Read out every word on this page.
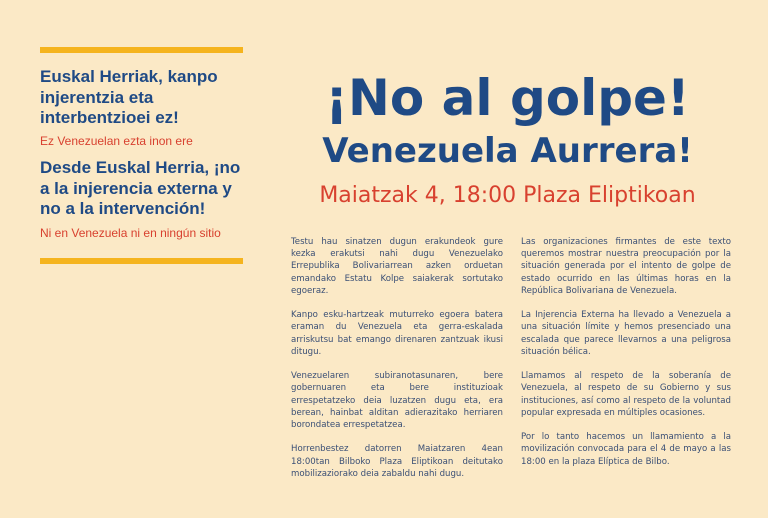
Euskal Herriak, kanpo injerentzia eta interbentzioei ez!
Ez Venezuelan ezta inon ere
Desde Euskal Herria, ¡no a la injerencia externa y no a la intervención!
Ni en Venezuela ni en ningún sitio
¡No al golpe!
Venezuela Aurrera!
Maiatzak 4, 18:00 Plaza Eliptikoan

Testu hau sinatzen dugun erakundeok gure kezka erakutsi nahi dugu Venezuelako Errepublika Bolivariarrean azken orduetan emandako Estatu Kolpe saiakerak sortutako egoeraz.

Kanpo esku-hartzeak muturreko egoera batera eraman du Venezuela eta gerra-eskalada arriskutsu bat emango direnaren zantzuak ikusi ditugu.

Venezuelaren subiranotasunaren, bere gobernuaren eta bere instituzioak errespetatzeko deia luzatzen dugu eta, era berean, hainbat alditan adierazitako herriaren borondatea errespetatzea.

Horrenbestez datorren Maiatzaren 4ean 18:00tan Bilboko Plaza Eliptikoan deitutako mobilizaziorako deia zabaldu nahi dugu.

Las organizaciones firmantes de este texto queremos mostrar nuestra preocupación por la situación generada por el intento de golpe de estado ocurrido en las últimas horas en la República Bolivariana de Venezuela.

La Injerencia Externa ha llevado a Venezuela a una situación límite y hemos presenciado una escalada que parece llevarnos a una peligrosa situación bélica.

Llamamos al respeto de la soberanía de Venezuela, al respeto de su Gobierno y sus instituciones, así como al respeto de la voluntad popular expresada en múltiples ocasiones.

Por lo tanto hacemos un llamamiento a la movilización convocada para el 4 de mayo a las 18:00 en la plaza Elíptica de Bilbo.
